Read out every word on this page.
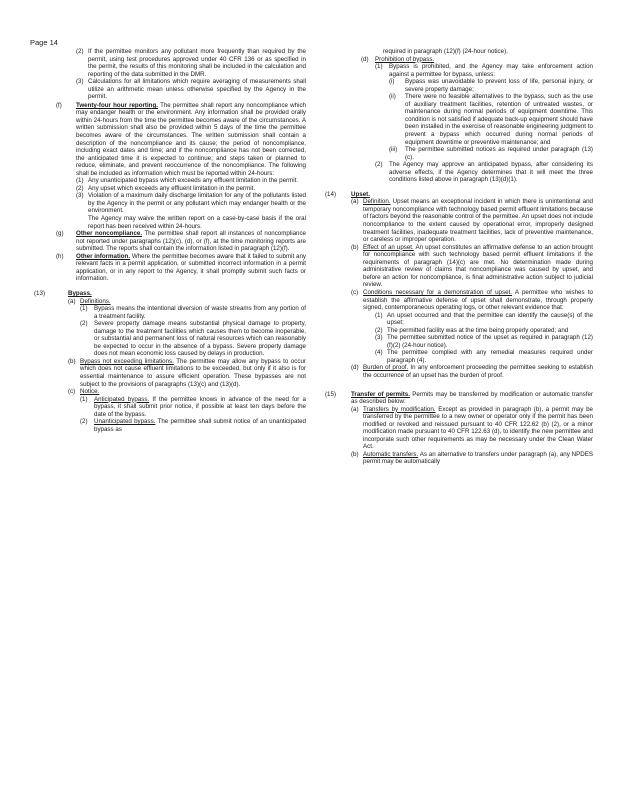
Page 14
(2) If the permittee monitors any pollutant more frequently than required by the permit, using test procedures approved under 40 CFR 136 or as specified in the permit, the results of this monitoring shall be included in the calculation and reporting of the data submitted in the DMR.

(3) Calculations for all limitations which require averaging of measurements shall utilize an arithmetic mean unless otherwise specified by the Agency in the permit.

(f) Twenty-four hour reporting. The permittee shall report any noncompliance which may endanger health or the environment. Any information shall be provided orally within 24-hours from the time the permittee becomes aware of the circumstances. A written submission shall also be provided within 5 days of the time the permittee becomes aware of the circumstances. The written submission shall contain a description of the noncompliance and its cause; the period of noncompliance, including exact dates and time; and if the noncompliance has not been corrected, the anticipated time it is expected to continue; and steps taken or planned to reduce, eliminate, and prevent reoccurrence of the noncompliance. The following shall be included as information which must be reported within 24-hours:

(1) Any unanticipated bypass which exceeds any effluent limitation in the permit.

(2) Any upset which exceeds any effluent limitation in the permit.

(3) Violation of a maximum daily discharge limitation for any of the pollutants listed by the Agency in the permit or any pollutant which may endanger health or the environment.

The Agency may waive the written report on a case-by-case basis if the oral report has been received within 24-hours.

(g) Other noncompliance. The permittee shall report all instances of noncompliance not reported under paragraphs (12)(c), (d), or (f), at the time monitoring reports are submitted. The reports shall contain the information listed in paragraph (12)(f).

(h) Other information. Where the permittee becomes aware that it failed to submit any relevant facts in a permit application, or submitted incorrect information in a permit application, or in any report to the Agency, it shall promptly submit such facts or information.

(13)	Bypass.

(a) Definitions.

(1) Bypass means the intentional diversion of waste streams from any portion of a treatment facility.

(2) Severe property damage means substantial physical damage to property, damage to the treatment facilities which causes them to become inoperable, or substantial and permanent loss of natural resources which can reasonably be expected to occur in the absence of a bypass. Severe property damage does not mean economic loss caused by delays in production.

(b) Bypass not exceeding limitations. The permittee may allow any bypass to occur which does not cause effluent limitations to be exceeded, but only if it also is for essential maintenance to assure efficient operation. These bypasses are not subject to the provisions of paragraphs (13)(c) and (13)(d).

(c) Notice.

(1) Anticipated bypass. If the permittee knows in advance of the need for a bypass, it shall submit prior notice, if possible at least ten days before the date of the bypass.

(2) Unanticipated bypass. The permittee shall submit notice of an unanticipated bypass as

required in paragraph (12)(f) (24-hour notice).

(d) Prohibition of bypass.

(1) Bypass is prohibited, and the Agency may take enforcement action against a permittee for bypass, unless:

(i) Bypass was unavoidable to prevent loss of life, personal injury, or severe property damage;

(ii) There were no feasible alternatives to the bypass, such as the use of auxiliary treatment facilities, retention of untreated wastes, or maintenance during normal periods of equipment downtime. This condition is not satisfied if adequate back-up equipment should have been installed in the exercise of reasonable engineering judgment to prevent a bypass which occurred during normal periods of equipment downtime or preventive maintenance; and

(iii) The permittee submitted notices as required under paragraph (13)(c).

(2) The Agency may approve an anticipated bypass, after considering its adverse effects, if the Agency determines that it will meet the three conditions listed above in paragraph (13)(d)(1).

(14) Upset.

(a) Definition. Upset means an exceptional incident in which there is unintentional and temporary noncompliance with technology based permit effluent limitations because of factors beyond the reasonable control of the permittee. An upset does not include noncompliance to the extent caused by operational error, improperly designed treatment facilities, inadequate treatment facilities, lack of preventive maintenance, or careless or improper operation.

(b) Effect of an upset. An upset constitutes an affirmative defense to an action brought for noncompliance with such technology based permit effluent limitations if the requirements of paragraph (14)(c) are met. No determination made during administrative review of claims that noncompliance was caused by upset, and before an action for noncompliance, is final administrative action subject to judicial review.

(c) Conditions necessary for a demonstration of upset. A permittee who wishes to establish the affirmative defense of upset shall demonstrate, through properly signed, contemporaneous operating logs, or other relevant evidence that:

(1) An upset occurred and that the permittee can identify the cause(s) of the upset;

(2) The permitted facility was at the time being properly operated; and

(3) The permittee submitted notice of the upset as required in paragraph (12)(f)(2) (24-hour notice).

(4) The permittee complied with any remedial measures required under paragraph (4).

(d) Burden of proof. In any enforcement proceeding the permittee seeking to establish the occurrence of an upset has the burden of proof.

(15) Transfer of permits. Permits may be transferred by modification or automatic transfer as described below:

(a) Transfers by modification. Except as provided in paragraph (b), a permit may be transferred by the permittee to a new owner or operator only if the permit has been modified or revoked and reissued pursuant to 40 CFR 122.62 (b) (2), or a minor modification made pursuant to 40 CFR 122.63 (d), to identify the new permittee and incorporate such other requirements as may be necessary under the Clean Water Act.

(b) Automatic transfers. As an alternative to transfers under paragraph (a), any NPDES permit may be automatically
